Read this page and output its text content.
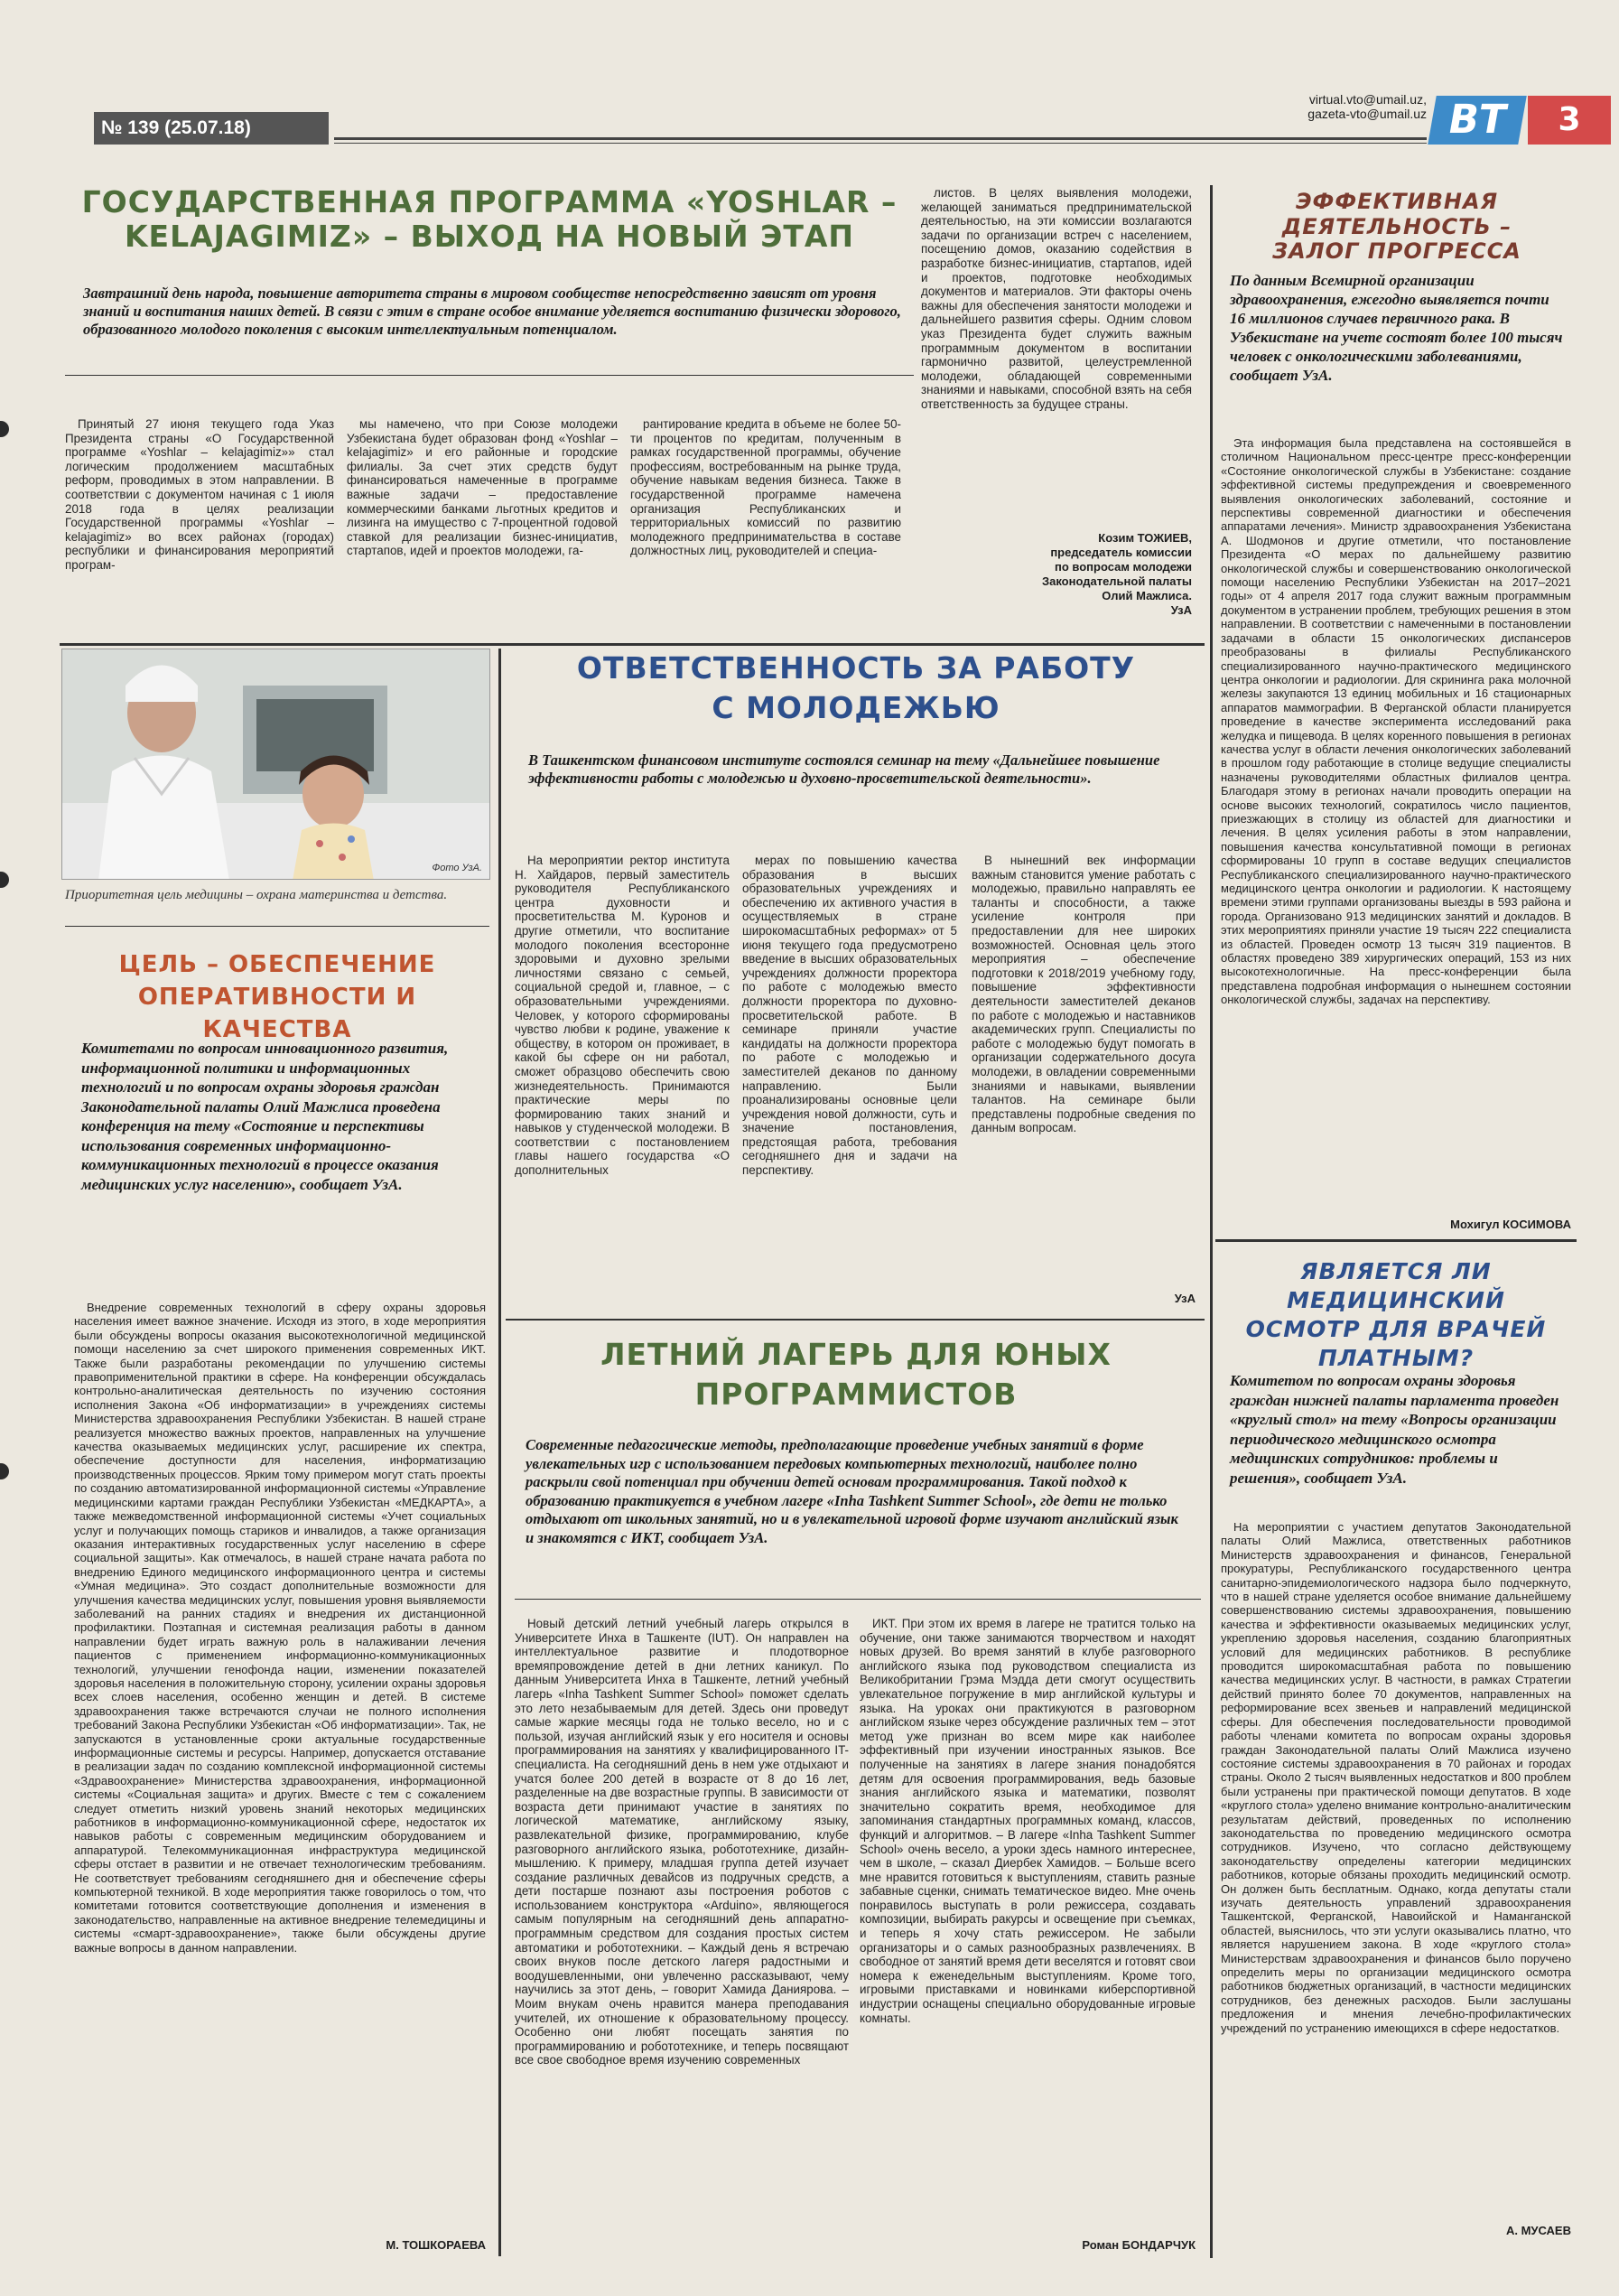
№ 139 (25.07.18)
virtual.vto@umail.uz,
gazeta-vto@umail.uz ВТ	3
ГОСУДАРСТВЕННАЯ ПРОГРАММА «YOSHLAR –
KELAJAGIMIZ» – ВЫХОД НА НОВЫЙ ЭТАП
Завтрашний день народа, повышение авторитета страны в мировом сообществе непосредственно зависят от уровня знаний и воспитания наших детей. В связи с этим в стране особое внимание уделяется воспитанию физически здорового, образованного молодого поколения с высоким интеллектуальным потенциалом.
Принятый 27 июня текущего года Указ Президента страны «О Государственной программе «Yoshlar – kelajagimiz»» стал логическим продолжением масштабных реформ, проводимых в этом направлении. В соответствии с документом начиная с 1 июля 2018 года в целях реализации Государственной программы «Yoshlar – kelajagimiz» во всех районах (городах) республики и финансирования мероприятий програм-
мы намечено, что при Союзе молодежи Узбекистана будет образован фонд «Yoshlar – kelajagimiz» и его районные и городские филиалы. За счет этих средств будут финансироваться намеченные в программе важные задачи – предоставление коммерческими банками льготных кредитов и лизинга на имущество с 7-процентной годовой ставкой для реализации бизнес-инициатив, стартапов, идей и проектов молодежи, га-
рантирование кредита в объеме не более 50-ти процентов по кредитам, полученным в рамках государственной программы, обучение профессиям, востребованным на рынке труда, обучение навыкам ведения бизнеса. Также в государственной программе намечена организация Республиканских и территориальных комиссий по развитию молодежного предпринимательства в составе должностных лиц, руководителей и специа-
листов. В целях выявления молодежи, желающей заниматься предпринимательской деятельностью, на эти комиссии возлагаются задачи по организации встреч с населением, посещению домов, оказанию содействия в разработке бизнес-инициатив, стартапов, идей и проектов, подготовке необходимых документов и материалов. Эти факторы очень важны для обеспечения занятости молодежи и дальнейшего развития сферы. Одним словом указ Президента будет служить важным программным документом в воспитании гармонично развитой, целеустремленной молодежи, обладающей современными знаниями и навыками, способной взять на себя ответственность за будущее страны.
Козим ТОЖИЕВ,
председатель комиссии
по вопросам молодежи
Законодательной палаты
Олий Мажлиса.
УзА
ЭФФЕКТИВНАЯ ДЕЯТЕЛЬНОСТЬ –
ЗАЛОГ ПРОГРЕССА
По данным Всемирной организации здравоохранения, ежегодно выявляется почти 16 миллионов случаев первичного рака. В Узбекистане на учете состоят более 100 тысяч человек с онкологическими заболеваниями, сообщает УзА.
Эта информация была представлена на состоявшейся в столичном Национальном пресс-центре пресс-конференции «Состояние онкологической службы в Узбекистане: создание эффективной системы предупреждения и своевременного выявления онкологических заболеваний, состояние и перспективы современной диагностики и обеспечения аппаратами лечения». Министр здравоохранения Узбекистана А. Шодмонов и другие отметили, что постановление Президента «О мерах по дальнейшему развитию онкологической службы и совершенствованию онкологической помощи населению Республики Узбекистан на 2017–2021 годы» от 4 апреля 2017 года служит важным программным документом в устранении проблем, требующих решения в этом направлении. В соответствии с намеченными в постановлении задачами в области 15 онкологических диспансеров преобразованы в филиалы Республиканского специализированного научно-практического медицинского центра онкологии и радиологии. Для скрининга рака молочной железы закупаются 13 единиц мобильных и 16 стационарных аппаратов маммографии. В Ферганской области планируется проведение в качестве эксперимента исследований рака желудка и пищевода. В целях коренного повышения в регионах качества услуг в области лечения онкологических заболеваний в прошлом году работающие в столице ведущие специалисты назначены руководителями областных филиалов центра. Благодаря этому в регионах начали проводить операции на основе высоких технологий, сократилось число пациентов, приезжающих в столицу из областей для диагностики и лечения. В целях усиления работы в этом направлении, повышения качества консультативной помощи в регионах сформированы 10 групп в составе ведущих специалистов Республиканского специализированного научно-практического медицинского центра онкологии и радиологии. К настоящему времени этими группами организованы выезды в 593 района и города. Организовано 913 медицинских занятий и докладов. В этих мероприятиях приняли участие 19 тысяч 222 специалиста из областей. Проведен осмотр 13 тысяч 319 пациентов. В областях проведено 389 хирургических операций, 153 из них высокотехнологичные. На пресс-конференции была представлена подробная информация о нынешнем состоянии онкологической службы, задачах на перспективу.
Мохигул КОСИМОВА
Фото УзА.
Приоритетная цель медицины – охрана материнства и детства.
ЦЕЛЬ – ОБЕСПЕЧЕНИЕ
ОПЕРАТИВНОСТИ И КАЧЕСТВА
Комитетами по вопросам инновационного развития, информационной политики и информационных технологий и по вопросам охраны здоровья граждан Законодательной палаты Олий Мажлиса проведена конференция на тему «Состояние и перспективы использования современных информационно-коммуникационных технологий в процессе оказания медицинских услуг населению», сообщает УзА.
Внедрение современных технологий в сферу охраны здоровья населения имеет важное значение. Исходя из этого, в ходе мероприятия были обсуждены вопросы оказания высокотехнологичной медицинской помощи населению за счет широкого применения современных ИКТ. Также были разработаны рекомендации по улучшению системы правоприменительной практики в сфере. На конференции обсуждалась контрольно-аналитическая деятельность по изучению состояния исполнения Закона «Об информатизации» в учреждениях системы Министерства здравоохранения Республики Узбекистан. В нашей стране реализуется множество важных проектов, направленных на улучшение качества оказываемых медицинских услуг, расширение их спектра, обеспечение доступности для населения, информатизацию производственных процессов. Ярким тому примером могут стать проекты по созданию автоматизированной информационной системы «Управление медицинскими картами граждан Республики Узбекистан «МЕДКАРТА», а также межведомственной информационной системы «Учет социальных услуг и получающих помощь стариков и инвалидов, а также организация оказания интерактивных государственных услуг населению в сфере социальной защиты». Как отмечалось, в нашей стране начата работа по внедрению Единого медицинского информационного центра и системы «Умная медицина». Это создаст дополнительные возможности для улучшения качества медицинских услуг, повышения уровня выявляемости заболеваний на ранних стадиях и внедрения их дистанционной профилактики. Поэтапная и системная реализация работы в данном направлении будет играть важную роль в налаживании лечения пациентов с применением информационно-коммуникационных технологий, улучшении генофонда нации, изменении показателей здоровья населения в положительную сторону, усилении охраны здоровья всех слоев населения, особенно женщин и детей. В системе здравоохранения также встречаются случаи не полного исполнения требований Закона Республики Узбекистан «Об информатизации». Так, не запускаются в установленные сроки актуальные государственные информационные системы и ресурсы. Например, допускается отставание в реализации задач по созданию комплексной информационной системы «Здравоохранение» Министерства здравоохранения, информационной системы «Социальная защита» и других. Вместе с тем с сожалением следует отметить низкий уровень знаний некоторых медицинских работников в информационно-коммуникационной сфере, недостаток их навыков работы с современным медицинским оборудованием и аппаратурой. Телекоммуникационная инфраструктура медицинской сферы отстает в развитии и не отвечает технологическим требованиям. Не соответствует требованиям сегодняшнего дня и обеспечение сферы компьютерной техникой. В ходе мероприятия также говорилось о том, что комитетами готовится соответствующие дополнения и изменения в законодательство, направленные на активное внедрение телемедицины и системы «смарт-здравоохранение», также были обсуждены другие важные вопросы в данном направлении.
М. ТОШКОРАЕВА
ОТВЕТСТВЕННОСТЬ ЗА РАБОТУ
С МОЛОДЕЖЬЮ
В Ташкентском финансовом институте состоялся семинар на тему «Дальнейшее повышение эффективности работы с молодежью и духовно-просветительской деятельности».
На мероприятии ректор института Н. Хайдаров, первый заместитель руководителя Республиканского центра духовности и просветительства М. Куронов и другие отметили, что воспитание молодого поколения всесторонне здоровыми и духовно зрелыми личностями связано с семьей, социальной средой и, главное, – с образовательными учреждениями. Человек, у которого сформированы чувство любви к родине, уважение к обществу, в котором он проживает, в какой бы сфере он ни работал, сможет образцово обеспечить свою жизнедеятельность. Принимаются практические меры по формированию таких знаний и навыков у студенческой молодежи. В соответствии с постановлением главы нашего государства «О дополнительных
мерах по повышению качества образования в высших образовательных учреждениях и обеспечению их активного участия в осуществляемых в стране широкомасштабных реформах» от 5 июня текущего года предусмотрено введение в высших образовательных учреждениях должности проректора по работе с молодежью вместо должности проректора по духовно-просветительской работе. В семинаре приняли участие кандидаты на должности проректора по работе с молодежью и заместителей деканов по данному направлению. Были проанализированы основные цели учреждения новой должности, суть и значение постановления, предстоящая работа, требования сегодняшнего дня и задачи на перспективу.
В нынешний век информации важным становится умение работать с молодежью, правильно направлять ее таланты и способности, а также усиление контроля при предоставлении для нее широких возможностей. Основная цель этого мероприятия – обеспечение подготовки к 2018/2019 учебному году, повышение эффективности деятельности заместителей деканов по работе с молодежью и наставников академических групп. Специалисты по работе с молодежью будут помогать в организации содержательного досуга молодежи, в овладении современными знаниями и навыками, выявлении талантов. На семинаре были представлены подробные сведения по данным вопросам.
УзА
ЛЕТНИЙ ЛАГЕРЬ ДЛЯ ЮНЫХ
ПРОГРАММИСТОВ
Современные педагогические методы, предполагающие проведение учебных занятий в форме увлекательных игр с использованием передовых компьютерных технологий, наиболее полно раскрыли свой потенциал при обучении детей основам программирования. Такой подход к образованию практикуется в учебном лагере «Inha Tashkent Summer School», где дети не только отдыхают от школьных занятий, но и в увлекательной игровой форме изучают английский язык и знакомятся с ИКТ, сообщает УзА.
Новый детский летний учебный лагерь открылся в Университете Инха в Ташкенте (IUT). Он направлен на интеллектуальное развитие и плодотворное времяпровождение детей в дни летних каникул. По данным Университета Инха в Ташкенте, летний учебный лагерь «Inha Tashkent Summer School» поможет сделать это лето незабываемым для детей. Здесь они проведут самые жаркие месяцы года не только весело, но и с пользой, изучая английский язык у его носителя и основы программирования на занятиях у квалифицированного IT-специалиста. На сегодняшний день в нем уже отдыхают и учатся более 200 детей в возрасте от 8 до 16 лет, разделенные на две возрастные группы. В зависимости от возраста дети принимают участие в занятиях по логической математике, английскому языку, развлекательной физике, программированию, клубе разговорного английского языка, робототехнике, дизайн-мышлению. К примеру, младшая группа детей изучает создание различных девайсов из подручных средств, а дети постарше познают азы построения роботов с использованием конструктора «Arduino», являющегося самым популярным на сегодняшний день аппаратно-программным средством для создания простых систем автоматики и робототехники. – Каждый день я встречаю своих внуков после детского лагеря радостными и воодушевленными, они увлеченно рассказывают, чему научились за этот день, – говорит Хамида Даниярова. – Моим внукам очень нравится манера преподавания учителей, их отношение к образовательному процессу. Особенно они любят посещать занятия по программированию и робототехнике, и теперь посвящают все свое свободное время изучению современных
ИКТ. При этом их время в лагере не тратится только на обучение, они также занимаются творчеством и находят новых друзей. Во время занятий в клубе разговорного английского языка под руководством специалиста из Великобритании Грэма Мэдда дети смогут осуществить увлекательное погружение в мир английской культуры и языка. На уроках они практикуются в разговорном английском языке через обсуждение различных тем – этот метод уже признан во всем мире как наиболее эффективный при изучении иностранных языков. Все полученные на занятиях в лагере знания понадобятся детям для освоения программирования, ведь базовые знания английского языка и математики, позволят значительно сократить время, необходимое для запоминания стандартных программных команд, классов, функций и алгоритмов. – В лагере «Inha Tashkent Summer School» очень весело, а уроки здесь намного интереснее, чем в школе, – сказал Диербек Хамидов. – Больше всего мне нравится готовиться к выступлениям, ставить разные забавные сценки, снимать тематическое видео. Мне очень понравилось выступать в роли режиссера, создавать композиции, выбирать ракурсы и освещение при съемках, и теперь я хочу стать режиссером. Не забыли организаторы и о самых разнообразных развлечениях. В свободное от занятий время дети веселятся и готовят свои номера к еженедельным выступлениям. Кроме того, игровыми приставками и новинками киберспортивной индустрии оснащены специально оборудованные игровые комнаты.
Роман БОНДАРЧУК
ЯВЛЯЕТСЯ ЛИ МЕДИЦИНСКИЙ
ОСМОТР ДЛЯ ВРАЧЕЙ
ПЛАТНЫМ?
Комитетом по вопросам охраны здоровья граждан нижней палаты парламента проведен «круглый стол» на тему «Вопросы организации периодического медицинского осмотра медицинских сотрудников: проблемы и решения», сообщает УзА.
На мероприятии с участием депутатов Законодательной палаты Олий Мажлиса, ответственных работников Министерств здравоохранения и финансов, Генеральной прокуратуры, Республиканского государственного центра санитарно-эпидемиологического надзора было подчеркнуто, что в нашей стране уделяется особое внимание дальнейшему совершенствованию системы здравоохранения, повышению качества и эффективности оказываемых медицинских услуг, укреплению здоровья населения, созданию благоприятных условий для медицинских работников. В республике проводится широкомасштабная работа по повышению качества медицинских услуг. В частности, в рамках Стратегии действий принято более 70 документов, направленных на реформирование всех звеньев и направлений медицинской сферы. Для обеспечения последовательности проводимой работы членами комитета по вопросам охраны здоровья граждан Законодательной палаты Олий Мажлиса изучено состояние системы здравоохранения в 70 районах и городах страны. Около 2 тысяч выявленных недостатков и 800 проблем были устранены при практической помощи депутатов. В ходе «круглого стола» уделено внимание контрольно-аналитическим результатам действий, проведенных по исполнению законодательства по проведению медицинского осмотра сотрудников. Изучено, что согласно действующему законодательству определены категории медицинских работников, которые обязаны проходить медицинский осмотр. Он должен быть бесплатным. Однако, когда депутаты стали изучать деятельность управлений здравоохранения Ташкентской, Ферганской, Навоийской и Наманганской областей, выяснилось, что эти услуги оказывались платно, что является нарушением закона. В ходе «круглого стола» Министерствам здравоохранения и финансов было поручено определить меры по организации медицинского осмотра работников бюджетных организаций, в частности медицинских сотрудников, без денежных расходов. Были заслушаны предложения и мнения лечебно-профилактических учреждений по устранению имеющихся в сфере недостатков.
А. МУСАЕВ
